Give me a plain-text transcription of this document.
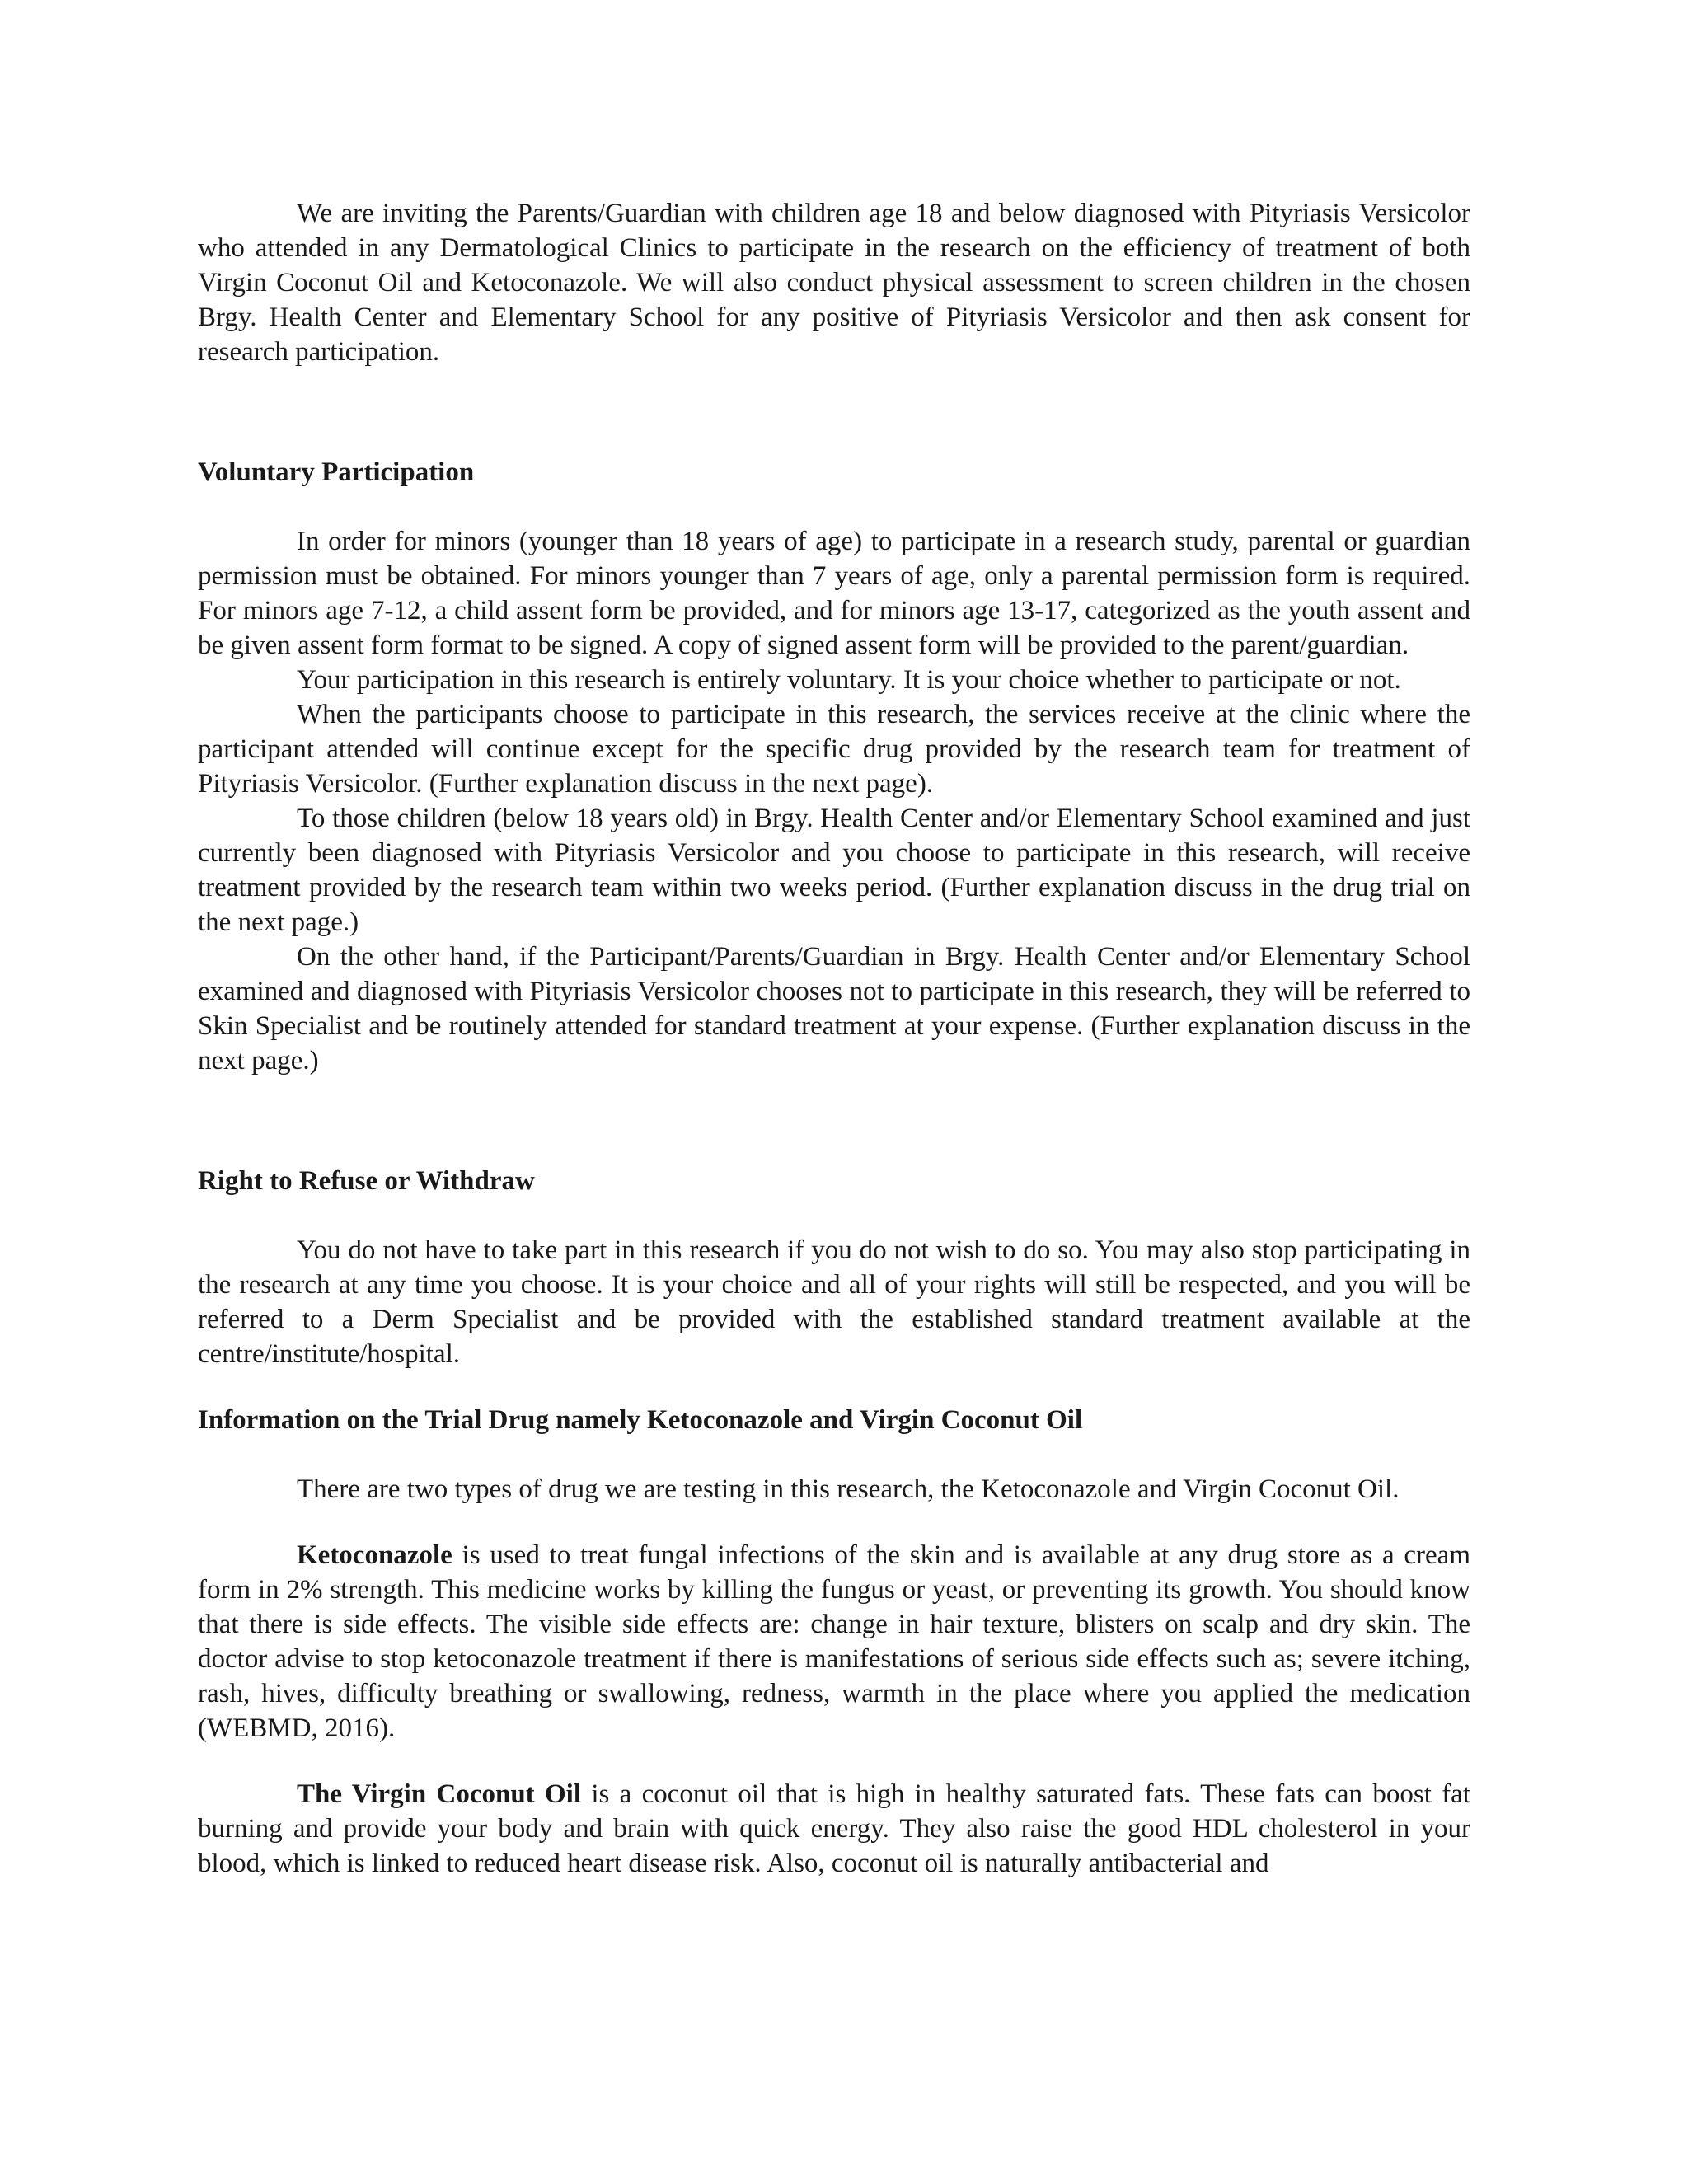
We are inviting the Parents/Guardian with children age 18 and below diagnosed with Pityriasis Versicolor who attended in any Dermatological Clinics to participate in the research on the efficiency of treatment of both Virgin Coconut Oil and Ketoconazole. We will also conduct physical assessment to screen children in the chosen Brgy. Health Center and Elementary School for any positive of Pityriasis Versicolor and then ask consent for research participation.

Voluntary Participation

In order for minors (younger than 18 years of age) to participate in a research study, parental or guardian permission must be obtained. For minors younger than 7 years of age, only a parental permission form is required. For minors age 7-12, a child assent form be provided, and for minors age 13-17, categorized as the youth assent and be given assent form format to be signed. A copy of signed assent form will be provided to the parent/guardian.

Your participation in this research is entirely voluntary. It is your choice whether to participate or not.

When the participants choose to participate in this research, the services receive at the clinic where the participant attended will continue except for the specific drug provided by the research team for treatment of Pityriasis Versicolor. (Further explanation discuss in the next page).

To those children (below 18 years old) in Brgy. Health Center and/or Elementary School examined and just currently been diagnosed with Pityriasis Versicolor and you choose to participate in this research, will receive treatment provided by the research team within two weeks period. (Further explanation discuss in the drug trial on the next page.)

On the other hand, if the Participant/Parents/Guardian in Brgy. Health Center and/or Elementary School examined and diagnosed with Pityriasis Versicolor chooses not to participate in this research, they will be referred to Skin Specialist and be routinely attended for standard treatment at your expense. (Further explanation discuss in the next page.)

Right to Refuse or Withdraw

You do not have to take part in this research if you do not wish to do so. You may also stop participating in the research at any time you choose. It is your choice and all of your rights will still be respected, and you will be referred to a Derm Specialist and be provided with the established standard treatment available at the centre/institute/hospital.

Information on the Trial Drug namely Ketoconazole and Virgin Coconut Oil

There are two types of drug we are testing in this research, the Ketoconazole and Virgin Coconut Oil.

Ketoconazole is used to treat fungal infections of the skin and is available at any drug store as a cream form in 2% strength. This medicine works by killing the fungus or yeast, or preventing its growth. You should know that there is side effects. The visible side effects are: change in hair texture, blisters on scalp and dry skin. The doctor advise to stop ketoconazole treatment if there is manifestations of serious side effects such as; severe itching, rash, hives, difficulty breathing or swallowing, redness, warmth in the place where you applied the medication (WEBMD, 2016).

The Virgin Coconut Oil is a coconut oil that is high in healthy saturated fats. These fats can boost fat burning and provide your body and brain with quick energy. They also raise the good HDL cholesterol in your blood, which is linked to reduced heart disease risk. Also, coconut oil is naturally antibacterial and
